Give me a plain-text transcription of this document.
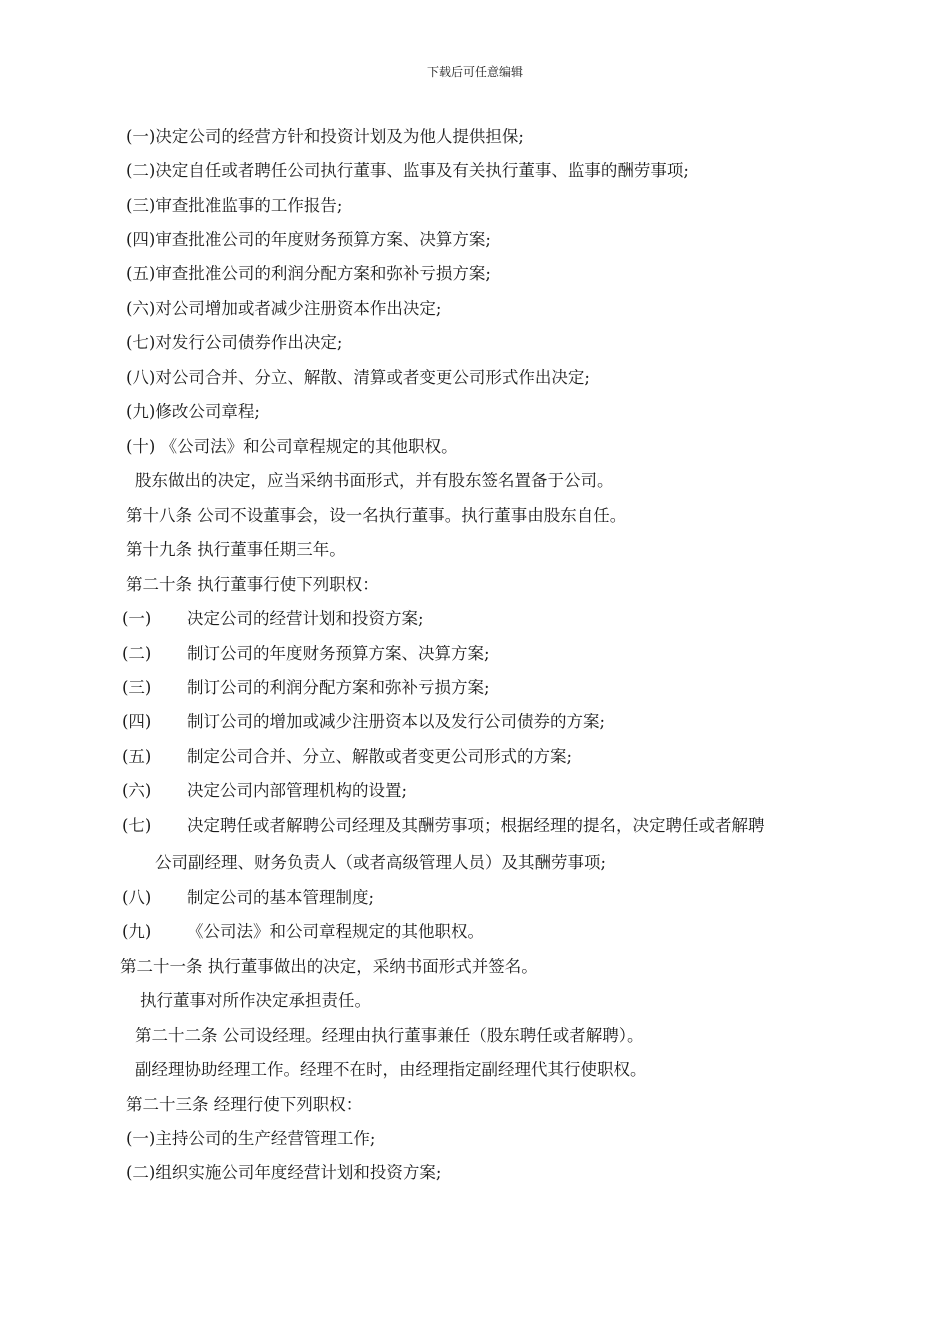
下载后可任意编辑
(一)决定公司的经营方针和投资计划及为他人提供担保;
(二)决定自任或者聘任公司执行董事、监事及有关执行董事、监事的酬劳事项;
(三)审查批准监事的工作报告;
(四)审查批准公司的年度财务预算方案、决算方案;
(五)审查批准公司的利润分配方案和弥补亏损方案;
(六)对公司增加或者减少注册资本作出决定;
(七)对发行公司债券作出决定;
(八)对公司合并、分立、解散、清算或者变更公司形式作出决定;
(九)修改公司章程;
(十) 《公司法》和公司章程规定的其他职权。
股东做出的决定，应当采纳书面形式，并有股东签名置备于公司。
第十八条 公司不设董事会，设一名执行董事。执行董事由股东自任。
第十九条 执行董事任期三年。
第二十条 执行董事行使下列职权：
(一) 决定公司的经营计划和投资方案;
(二) 制订公司的年度财务预算方案、决算方案;
(三) 制订公司的利润分配方案和弥补亏损方案;
(四) 制订公司的增加或减少注册资本以及发行公司债券的方案;
(五) 制定公司合并、分立、解散或者变更公司形式的方案;
(六) 决定公司内部管理机构的设置;
(七) 决定聘任或者解聘公司经理及其酬劳事项；根据经理的提名，决定聘任或者解聘
公司副经理、财务负责人（或者高级管理人员）及其酬劳事项;
(八) 制定公司的基本管理制度;
(九) 《公司法》和公司章程规定的其他职权。
第二十一条 执行董事做出的决定，采纳书面形式并签名。
执行董事对所作决定承担责任。
第二十二条 公司设经理。经理由执行董事兼任（股东聘任或者解聘）。
副经理协助经理工作。经理不在时，由经理指定副经理代其行使职权。
第二十三条 经理行使下列职权：
(一)主持公司的生产经营管理工作;
(二)组织实施公司年度经营计划和投资方案;
